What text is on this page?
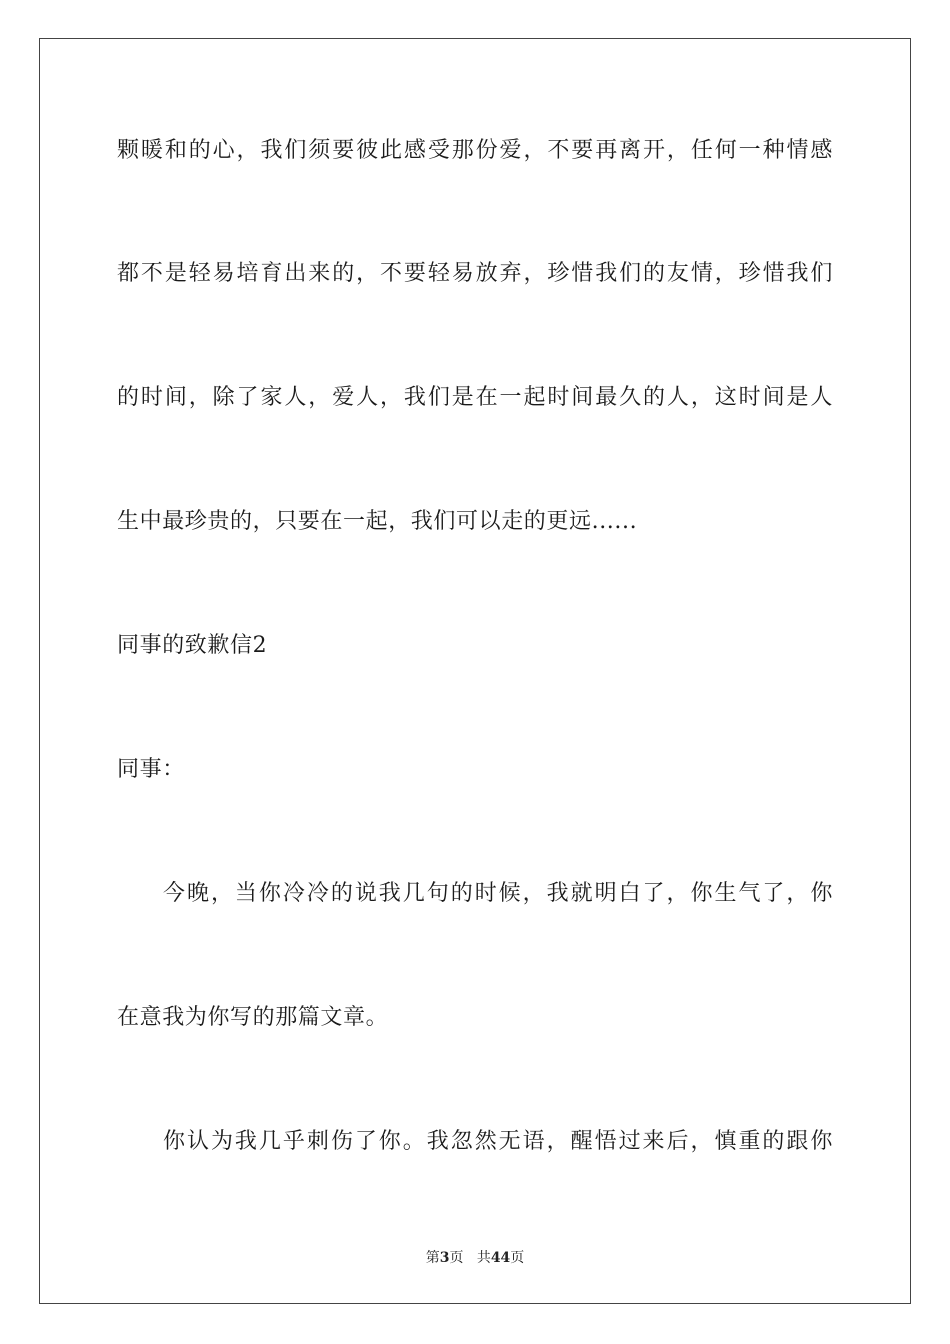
颗暖和的心，我们须要彼此感受那份爱，不要再离开，任何一种情感
都不是轻易培育出来的，不要轻易放弃，珍惜我们的友情，珍惜我们
的时间，除了家人，爱人，我们是在一起时间最久的人，这时间是人
生中最珍贵的，只要在一起，我们可以走的更远......
同事的致歉信2
同事：
今晚，当你冷冷的说我几句的时候，我就明白了，你生气了，你
在意我为你写的那篇文章。
你认为我几乎刺伤了你。我忽然无语，醒悟过来后，慎重的跟你
第3页 共44页
